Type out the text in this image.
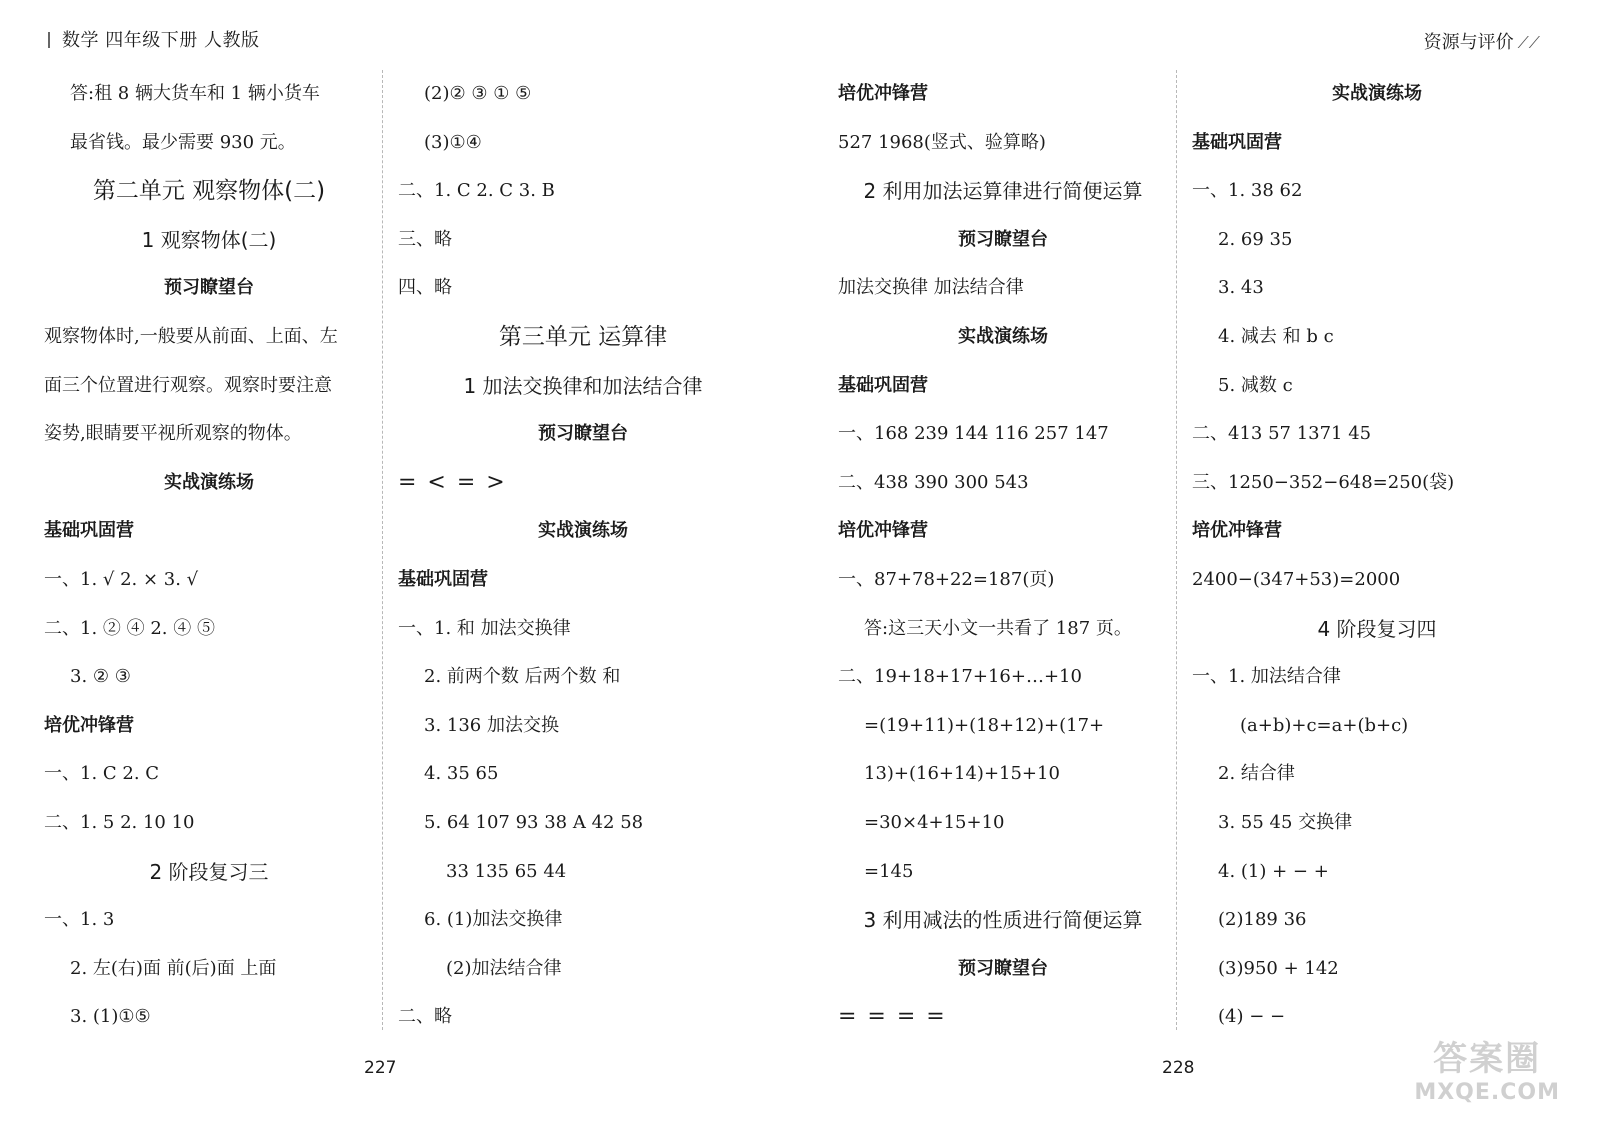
数学 四年级下册 人教版	资源与评价 ⟋⟋
答:租 8 辆大货车和 1 辆小货车
最省钱。最少需要 930 元。
第二单元 观察物体(二)
1 观察物体(二)
预习瞭望台
观察物体时,一般要从前面、上面、左
面三个位置进行观察。观察时要注意
姿势,眼睛要平视所观察的物体。
实战演练场
基础巩固营
一、1. √ 2. × 3. √
二、1. ② ④ 2. ④ ⑤
3. ② ③
培优冲锋营
一、1. C 2. C
二、1. 5 2. 10 10
2 阶段复习三
一、1. 3
2. 左(右)面 前(后)面 上面
3. (1)①⑤
(2)② ③ ① ⑤
(3)①④
二、1. C 2. C 3. B
三、略
四、略
第三单元 运算律
1 加法交换律和加法结合律
预习瞭望台
= < = >
实战演练场
基础巩固营
一、1. 和 加法交换律
2. 前两个数 后两个数 和
3. 136 加法交换
4. 35 65
5. 64 107 93 38 A 42 58
33 135 65 44
6. (1)加法交换律
(2)加法结合律
二、略
培优冲锋营
527 1968(竖式、验算略)
2 利用加法运算律进行简便运算
预习瞭望台
加法交换律 加法结合律
实战演练场
基础巩固营
一、168 239 144 116 257 147
二、438 390 300 543
培优冲锋营
一、87+78+22=187(页)
答:这三天小文一共看了 187 页。
二、19+18+17+16+…+10
=(19+11)+(18+12)+(17+
13)+(16+14)+15+10
=30×4+15+10
=145
3 利用减法的性质进行简便运算
预习瞭望台
= = = =
实战演练场
基础巩固营
一、1. 38 62
2. 69 35
3. 43
4. 减去 和 b c
5. 减数 c
二、413 57 1371 45
三、1250−352−648=250(袋)
培优冲锋营
2400−(347+53)=2000
4 阶段复习四
一、1. 加法结合律
(a+b)+c=a+(b+c)
2. 结合律
3. 55 45 交换律
4. (1) + − +
(2)189 36
(3)950 + 142
(4) − −
227	228	答案圈
MXQE.COM
